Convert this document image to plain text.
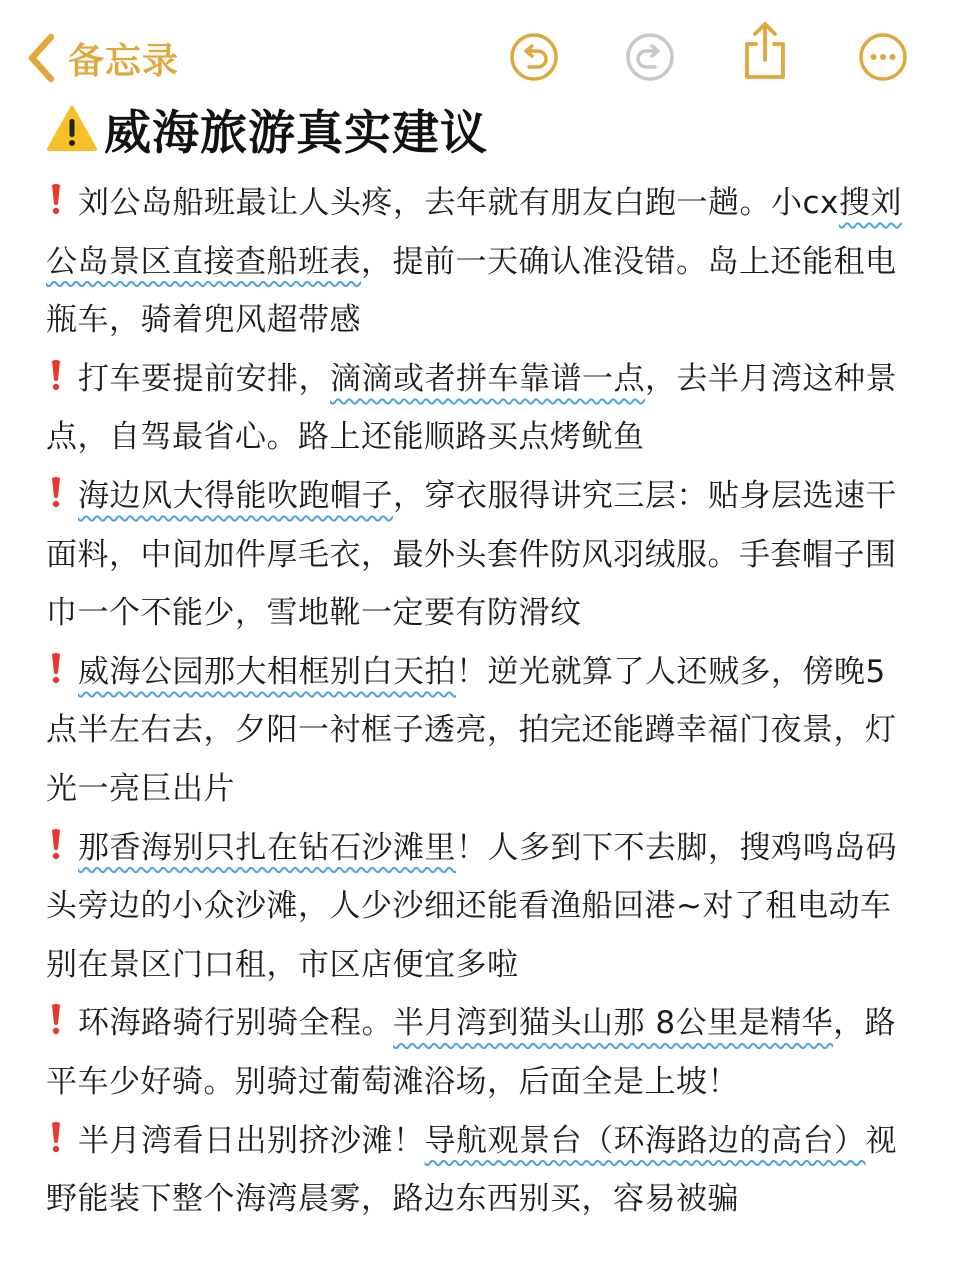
备忘录
威海旅游真实建议
刘公岛船班最让人头疼，去年就有朋友白跑一趟。小cx搜刘公岛景区直接查船班表，提前一天确认准没错。岛上还能租电瓶车，骑着兜风超带感
打车要提前安排，滴滴或者拼车靠谱一点，去半月湾这种景点，自驾最省心。路上还能顺路买点烤鱿鱼
海边风大得能吹跑帽子，穿衣服得讲究三层：贴身层选速干面料，中间加件厚毛衣，最外头套件防风羽绒服。手套帽子围巾一个不能少，雪地靴一定要有防滑纹
威海公园那大相框别白天拍！逆光就算了人还贼多，傍晚5点半左右去，夕阳一衬框子透亮，拍完还能蹲幸福门夜景，灯光一亮巨出片
那香海别只扎在钻石沙滩里！人多到下不去脚，搜鸡鸣岛码头旁边的小众沙滩，人少沙细还能看渔船回港~对了租电动车别在景区门口租，市区店便宜多啦
环海路骑行别骑全程。半月湾到猫头山那 8公里是精华，路平车少好骑。别骑过葡萄滩浴场，后面全是上坡！
半月湾看日出别挤沙滩！导航观景台（环海路边的高台）视野能装下整个海湾晨雾，路边东西别买，容易被骗
